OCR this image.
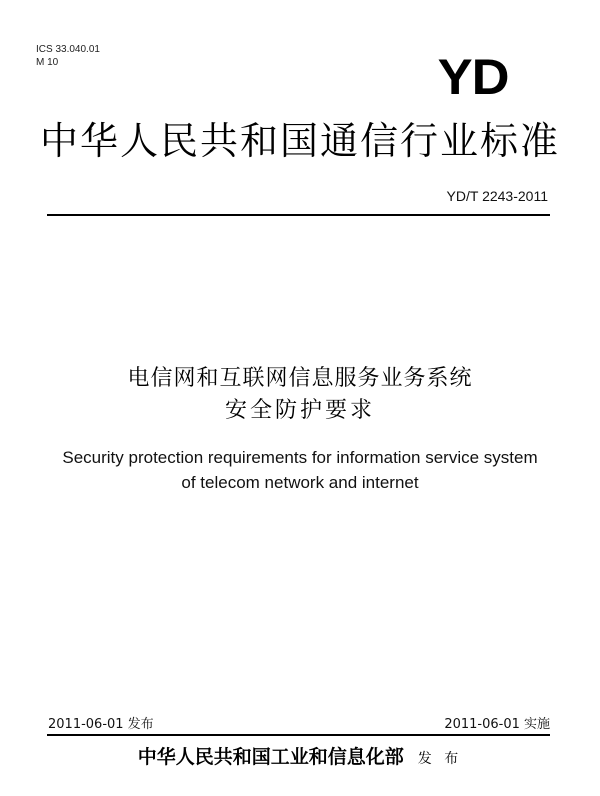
ICS 33.040.01
M 10	YD
中华人民共和国通信行业标准
YD/T 2243-2011
电信网和互联网信息服务业务系统
安全防护要求
Security protection requirements for information service system
of telecom network and internet
2011-06-01 发布	2011-06-01 实施
中华人民共和国工业和信息化部 发 布
